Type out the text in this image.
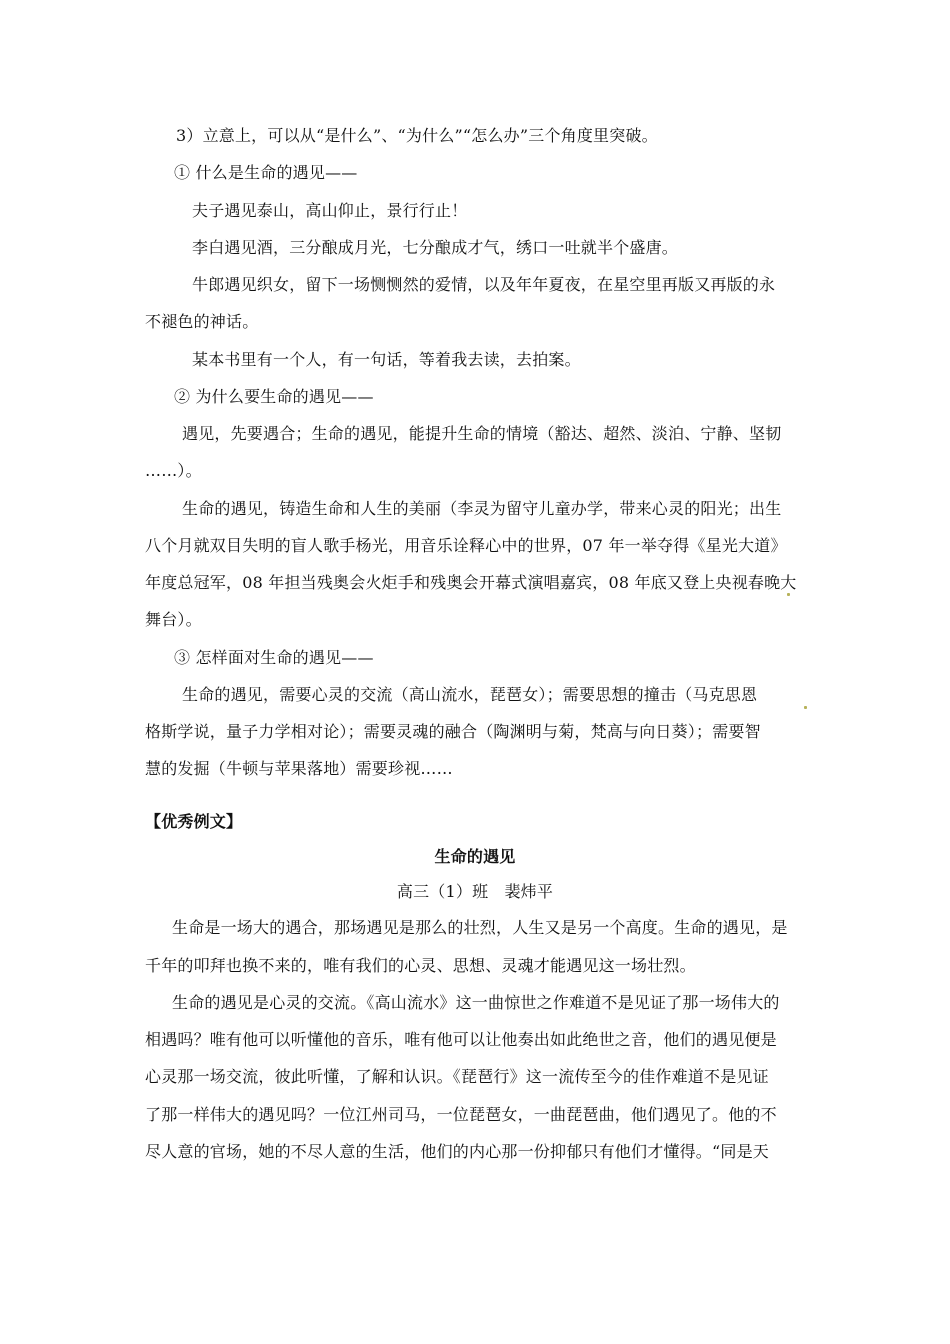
3）立意上，可以从“是什么”、“为什么”“怎么办”三个角度里突破。
① 什么是生命的遇见——
夫子遇见泰山，高山仰止，景行行止！
李白遇见酒，三分酿成月光，七分酿成才气，绣口一吐就半个盛唐。
牛郎遇见织女，留下一场恻恻然的爱情，以及年年夏夜，在星空里再版又再版的永
不褪色的神话。
某本书里有一个人，有一句话，等着我去读，去拍案。
② 为什么要生命的遇见——
遇见，先要遇合；生命的遇见，能提升生命的情境（豁达、超然、淡泊、宁静、坚韧
……）。
生命的遇见，铸造生命和人生的美丽（李灵为留守儿童办学，带来心灵的阳光；出生
八个月就双目失明的盲人歌手杨光，用音乐诠释心中的世界，07 年一举夺得《星光大道》
年度总冠军，08 年担当残奥会火炬手和残奥会开幕式演唱嘉宾，08 年底又登上央视春晚大
舞台）。
③ 怎样面对生命的遇见——
生命的遇见，需要心灵的交流（高山流水，琵琶女）；需要思想的撞击（马克思恩
格斯学说，量子力学相对论）；需要灵魂的融合（陶渊明与菊，梵高与向日葵）；需要智
慧的发掘（牛顿与苹果落地）需要珍视……
【优秀例文】
生命的遇见
高三（1）班　裴炜平
生命是一场大的遇合，那场遇见是那么的壮烈，人生又是另一个高度。生命的遇见，是
千年的叩拜也换不来的，唯有我们的心灵、思想、灵魂才能遇见这一场壮烈。
生命的遇见是心灵的交流。《高山流水》这一曲惊世之作难道不是见证了那一场伟大的
相遇吗？唯有他可以听懂他的音乐，唯有他可以让他奏出如此绝世之音，他们的遇见便是
心灵那一场交流，彼此听懂，了解和认识。《琵琶行》这一流传至今的佳作难道不是见证
了那一样伟大的遇见吗？一位江州司马，一位琵琶女，一曲琵琶曲，他们遇见了。他的不
尽人意的官场，她的不尽人意的生活，他们的内心那一份抑郁只有他们才懂得。“同是天
